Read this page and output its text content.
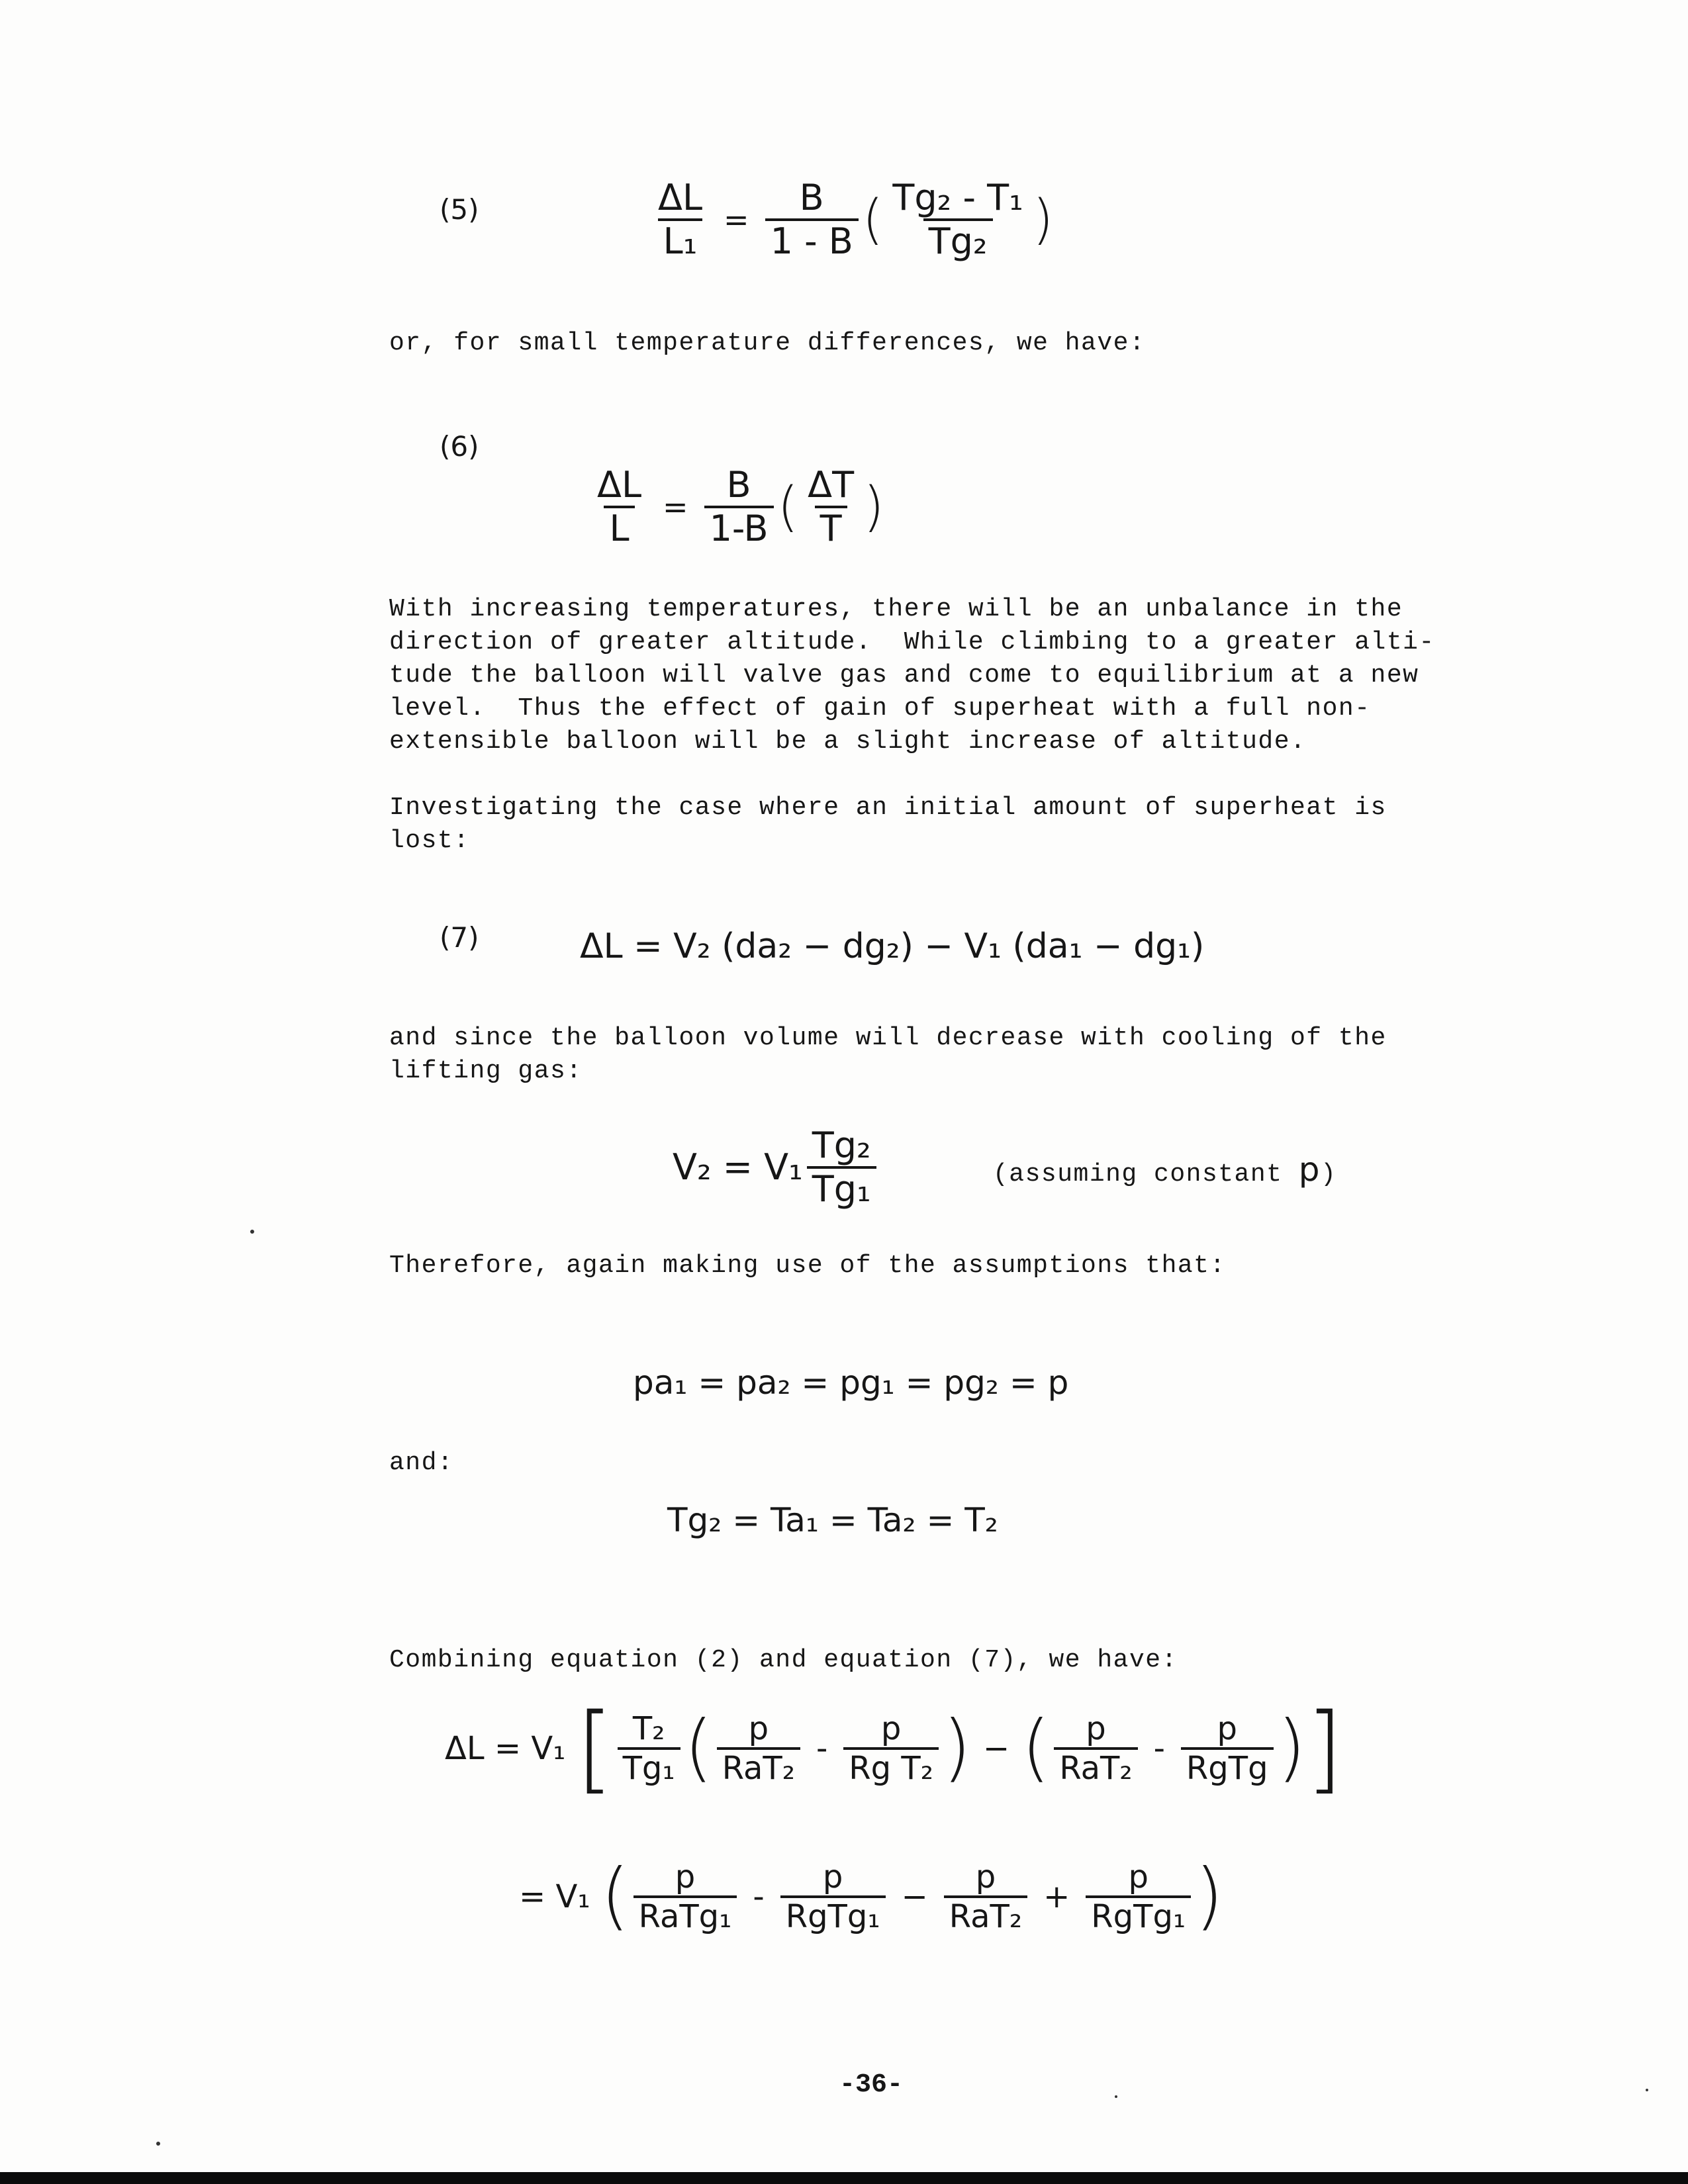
(5)	$\frac{\Delta L}{\text{L₁}} = \frac{B}{1 - B}$ ( $\frac{\text{Tg₂ - T₁}}{\text{Tg₂}}$ )

or, for small temperature differences, we have:

(6)
$\frac{\Delta L}{L} = \frac{B}{1-B}$ ( $\frac{\Delta T}{T}$ )

With increasing temperatures, there will be an unbalance in the
direction of greater altitude.  While climbing to a greater alti-
tude the balloon will valve gas and come to equilibrium at a new
level.  Thus the effect of gain of superheat with a full non-
extensible balloon will be a slight increase of altitude.

Investigating the case where an initial amount of superheat is
lost:

(7)	ΔL = V₂ (da₂ − dg₂) − V₁ (da₁ − dg₁)

and since the balloon volume will decrease with cooling of the
lifting gas:

$V_2 = V_1 \frac{\text{Tg₂}}{\text{Tg₁}}$	(assuming constant p)

Therefore, again making use of the assumptions that:

pa₁ = pa₂ = pg₁ = pg₂ = p

and:

Tg₂ = Ta₁ = Ta₂ = T₂

Combining equation (2) and equation (7), we have:

ΔL = V₁ [ $\frac{\text{T₂}}{\text{Tg₁}}$ ( $\frac{p}{\text{RaT₂}} - \frac{p}{\text{Rg T₂}}$ ) − ( $\frac{p}{\text{RaT₂}} - \frac{p}{\text{RgTg}}$ ) ]
= V₁ ( $\frac{p}{\text{RaTg₁}} - \frac{p}{\text{RgTg₁}} - \frac{p}{\text{RaT₂}} + \frac{p}{\text{RgTg₁}}$ )
-36-
